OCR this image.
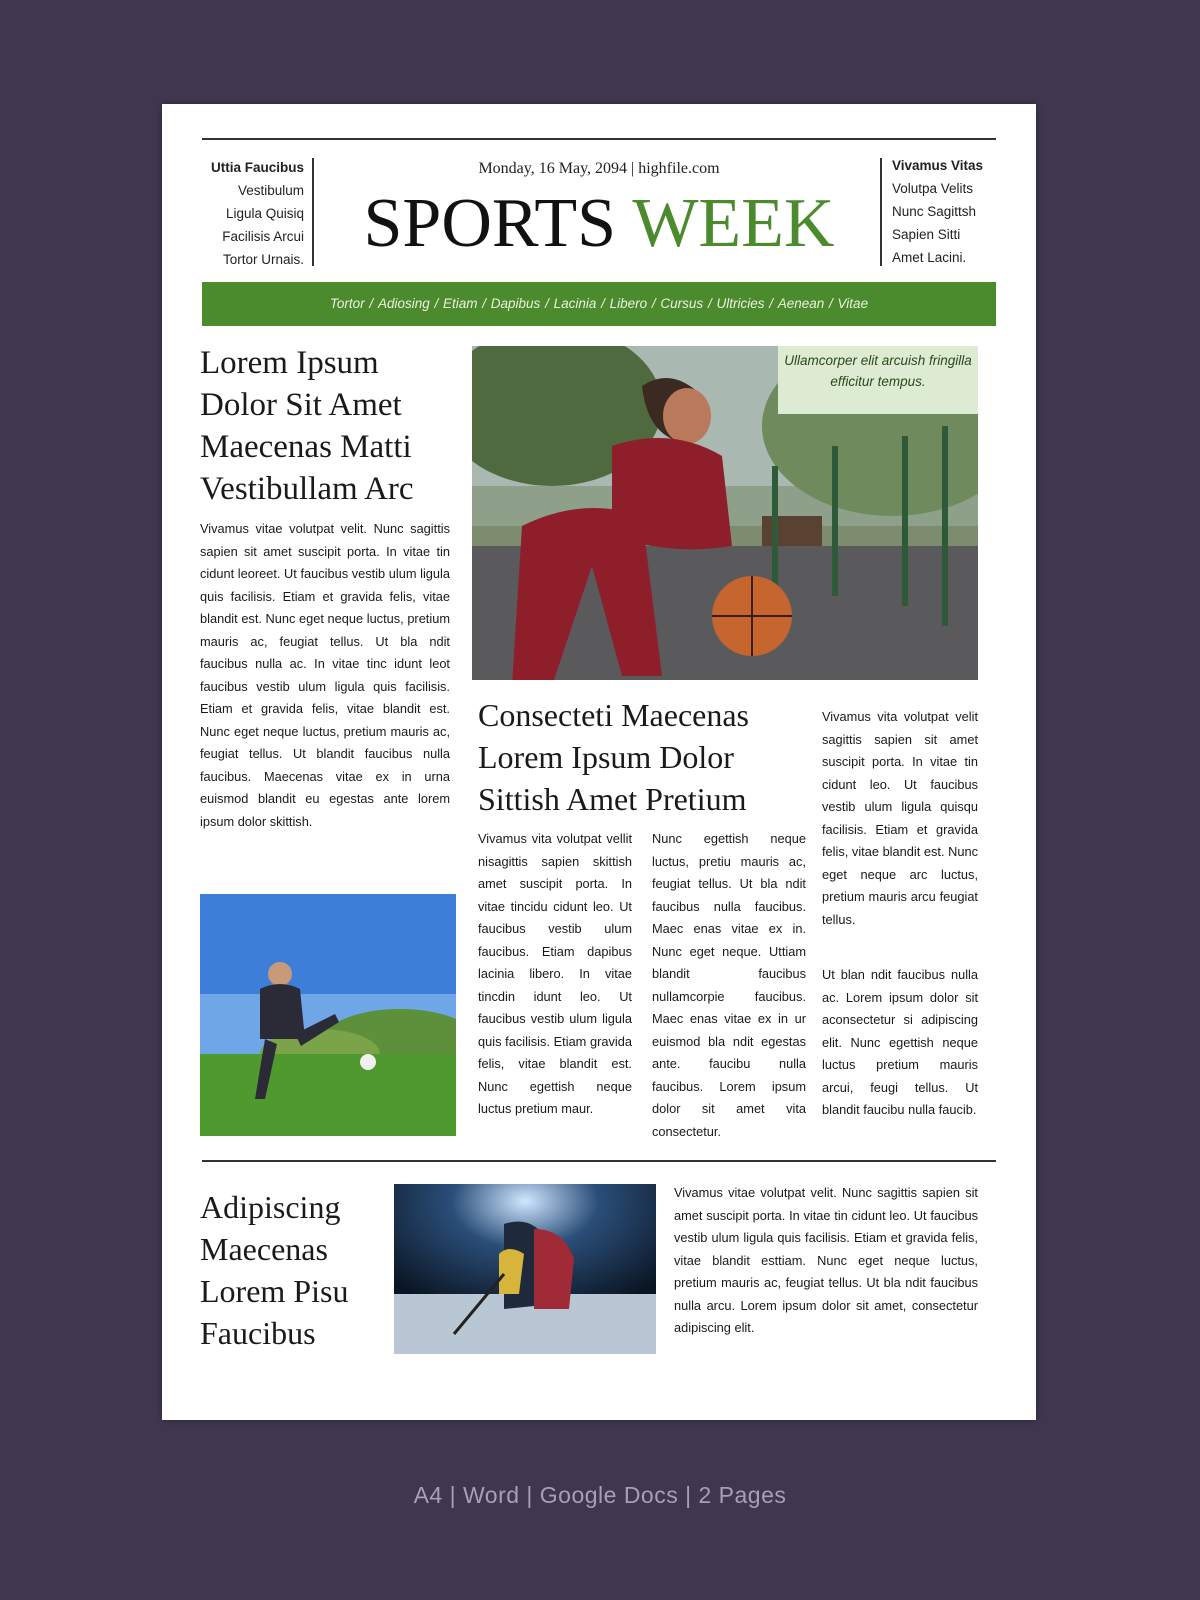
Uttia Faucibus
Vestibulum
Ligula Quisiq
Facilisis Arcui
Tortor Urnais.
Monday, 16 May, 2094 | highfile.com
SPORTS WEEK
Vivamus Vitas
Volutpa Velits
Nunc Sagittsh
Sapien Sitti
Amet Lacini.
Tortor / Adiosing / Etiam / Dapibus / Lacinia / Libero / Cursus / Ultricies / Aenean / Vitae
Lorem Ipsum Dolor Sit Amet Maecenas Matti Vestibullam Arc

Vivamus vitae volutpat velit. Nunc sagittis sapien sit amet suscipit porta. In vitae tin cidunt leoreet. Ut faucibus vestib ulum ligula quis facilisis. Etiam et gravida felis, vitae blandit est. Nunc eget neque luctus, pretium mauris ac, feugiat tellus. Ut bla ndit faucibus nulla ac. In vitae tinc idunt leot faucibus vestib ulum ligula quis facilisis. Etiam et gravida felis, vitae blandit est. Nunc eget neque luctus, pretium mauris ac, feugiat tellus. Ut blandit faucibus nulla faucibus. Maecenas vitae ex in urna euismod blandit eu egestas ante lorem ipsum dolor skittish.

Ullamcorper elit arcuish fringilla efficitur tempus.
Consecteti Maecenas Lorem Ipsum Dolor Sittish Amet Pretium

Vivamus vita volutpat vellit nisagittis sapien skittish amet suscipit porta. In vitae tincidu cidunt leo. Ut faucibus vestib ulum faucibus. Etiam dapibus lacinia libero. In vitae tincdin idunt leo. Ut faucibus vestib ulum ligula quis facilisis. Etiam gravida felis, vitae blandit est. Nunc egettish neque luctus pretium maur.

Nunc egettish neque luctus, pretiu mauris ac, feugiat tellus. Ut bla ndit faucibus nulla faucibus. Maec enas vitae ex in. Nunc eget neque. Uttiam blandit faucibus nullamcorpie faucibus. Maec enas vitae ex in ur euismod bla ndit egestas ante. faucibu nulla faucibus. Lorem ipsum dolor sit amet vita consectetur.

Vivamus vita volutpat velit sagittis sapien sit amet suscipit porta. In vitae tin cidunt leo. Ut faucibus vestib ulum ligula quisqu facilisis. Etiam et gravida felis, vitae blandit est. Nunc eget neque arc luctus, pretium mauris arcu feugiat tellus.

Ut blan ndit faucibus nulla ac. Lorem ipsum dolor sit aconsectetur si adipiscing elit. Nunc egettish neque luctus pretium mauris arcui, feugi tellus. Ut blandit faucibu nulla faucib.

Adipiscing Maecenas Lorem Pisu Faucibus

Vivamus vitae volutpat velit. Nunc sagittis sapien sit amet suscipit porta. In vitae tin cidunt leo. Ut faucibus vestib ulum ligula quis facilisis. Etiam et gravida felis, vitae blandit esttiam. Nunc eget neque luctus, pretium mauris ac, feugiat tellus. Ut bla ndit faucibus nulla arcu. Lorem ipsum dolor sit amet, consectetur adipiscing elit.

A4 | Word | Google Docs | 2 Pages
